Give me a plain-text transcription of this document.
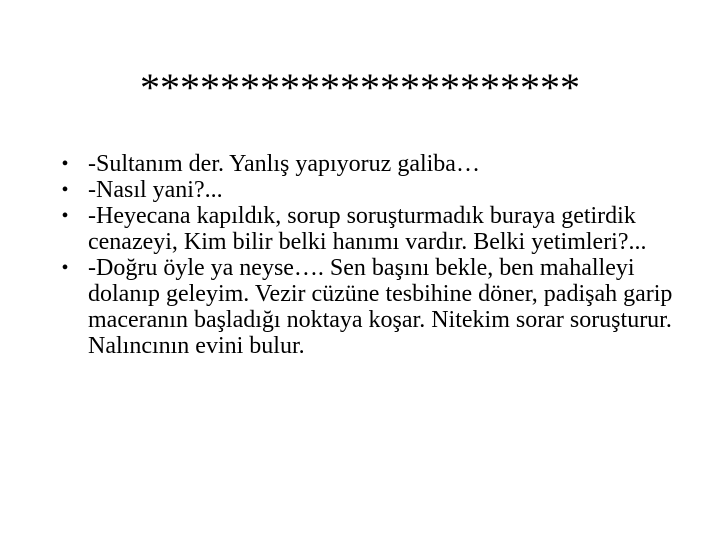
**********************
• -Sultanım der. Yanlış yapıyoruz galiba…
• -Nasıl yani?...
• -Heyecana kapıldık, sorup soruşturmadık buraya getirdik cenazeyi, Kim bilir belki hanımı vardır. Belki yetimleri?...
• -Doğru öyle ya neyse…. Sen başını bekle, ben mahalleyi dolanıp geleyim. Vezir cüzüne tesbihine döner, padişah garip maceranın başladığı noktaya koşar. Nitekim sorar soruşturur. Nalıncının evini bulur.
